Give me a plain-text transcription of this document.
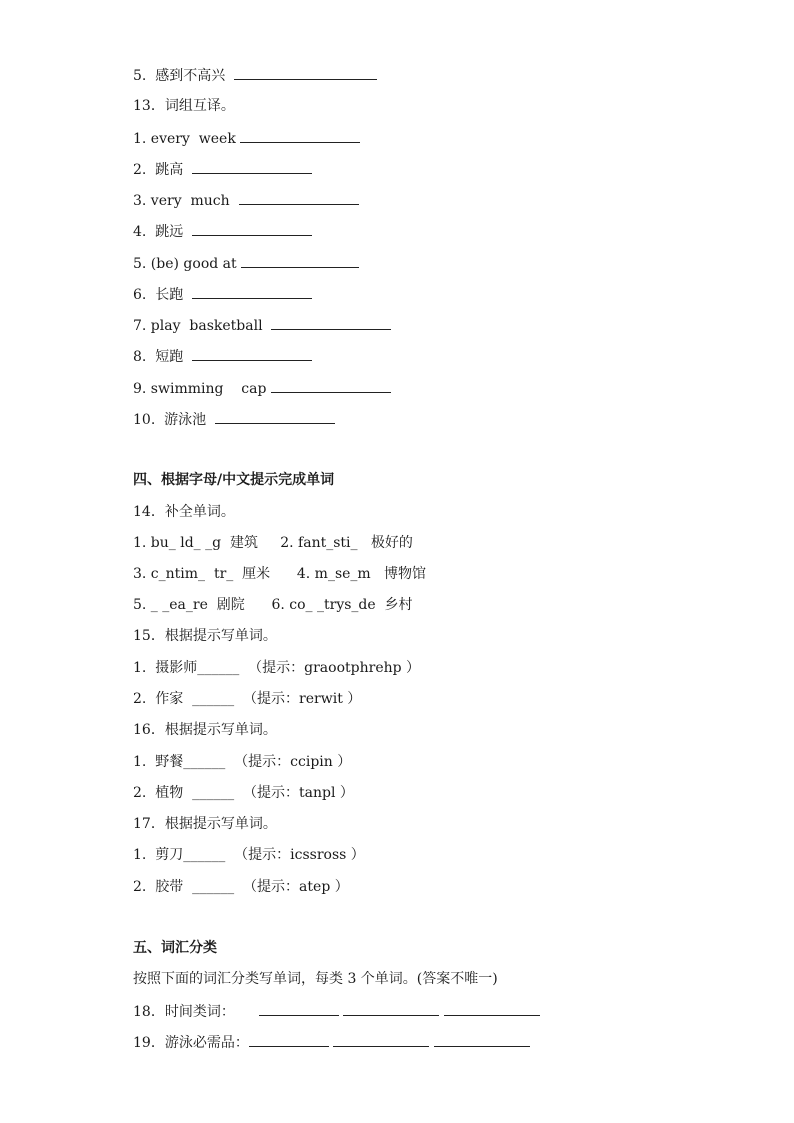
5.  感到不高兴
13．词组互译。
1. every  week
2.  跳高
3. very  much
4.  跳远
5. (be) good at
6.  长跑
7. play  basketball
8.  短跑
9. swimming    cap
10.  游泳池
四、根据字母/中文提示完成单词
14．补全单词。
1. bu_ ld_ _g  建筑     2. fant_sti_   极好的
3. c_ntim_  tr_  厘米      4. m_se_m   博物馆
5. _ _ea_re  剧院      6. co_ _trys_de  乡村
15．根据提示写单词。
1.  摄影师______  （提示：graootphrehp ）
2.  作家  ______  （提示：rerwit ）
16．根据提示写单词。
1.  野餐______  （提示：ccipin ）
2.  植物  ______  （提示：tanpl ）
17．根据提示写单词。
1.  剪刀______  （提示：icssross ）
2.  胶带  ______  （提示：atep ）
五、词汇分类
按照下面的词汇分类写单词，每类 3 个单词。(答案不唯一)
18．时间类词：
19．游泳必需品：
